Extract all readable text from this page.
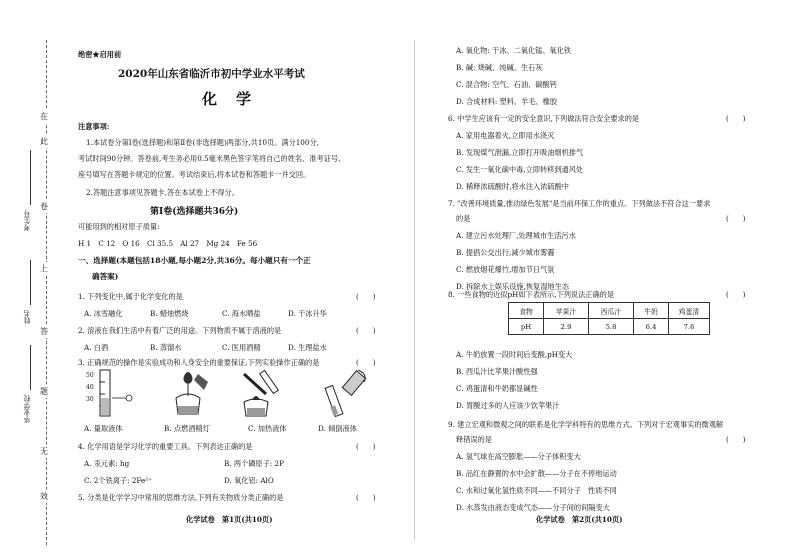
在
此
卷
上
答
题
无
效
考生号
姓名
毕业学校
绝密★启用前
2020年山东省临沂市初中学业水平考试
化　学
注意事项:
1.本试卷分第Ⅰ卷(选择题)和第Ⅱ卷(非选择题)两部分,共10页。满分100分,
考试时间90分钟。答卷前,考生务必用0.5毫米黑色签字笔将自己的姓名、准考证号、
座号填写在答题卡规定的位置。考试结束后,将本试卷和答题卡一并交回。
2.答题注意事项见答题卡,答在本试卷上不得分。
第Ⅰ卷(选择题共36分)
可能用到的相对原子质量:
H 1　C 12　O 16　Cl 35.5　Al 27　Mg 24　Fe 56
一、选择题(本题包括18小题,每小题2分,共36分。每小题只有一个正
确答案)
1. 下列变化中,属于化学变化的是	(　　)
A. 冰雪融化	B. 蜡烛燃烧	C. 海水晒盐	D. 干冰升华
2. 溶液在我们生活中有着广泛的用途。下列物质不属于溶液的是	(　　)
A. 白酒	B. 蒸馏水	C. 医用酒精	D. 生理盐水
3. 正确规范的操作是实验成功和人身安全的重要保证,下列实验操作正确的是	(　　)
50
40
30
A. 量取液体	B. 点燃酒精灯	C. 加热液体	D. 倾倒液体
4. 化学用语是学习化学的重要工具。下列表达正确的是	(　　)
A. 汞元素: hg	B. 两个磷原子: 2P
C. 2个铁离子: 2Fe²⁺	D. 氧化铝: AlO
5. 分类是化学学习中常用的思维方法,下列有关物质分类正确的是	(　　)
化学试卷　第1页(共10页)
A. 氧化物: 干冰、二氧化锰、氧化铁
B. 碱: 烧碱、纯碱、生石灰
C. 混合物: 空气、石油、碳酸钙
D. 合成材料: 塑料、羊毛、橡胶
6. 中学生应该有一定的安全意识,下列做法符合安全要求的是	(　　)
A. 家用电器着火,立即用水浇灭
B. 发现煤气泄漏,立即打开吸油烟机排气
C. 发生一氧化碳中毒,立即转移到通风处
D. 稀释浓硫酸时,将水注入浓硫酸中
7. "改善环境质量,推动绿色发展"是当前环保工作的重点。下列做法不符合这一要求
的是	(　　)
A. 建立污水处理厂,处理城市生活污水
B. 提倡公交出行,减少城市雾霾
C. 燃放烟花爆竹,增加节日气氛
D. 拆除水上娱乐设施,恢复湿地生态
8. 一些食物的近似pH如下表所示,下列说法正确的是	(　　)
食物	苹果汁	西瓜汁	牛奶	鸡蛋清
pH	2.9	5.8	6.4	7.6
A. 牛奶放置一段时间后变酸,pH变大
B. 西瓜汁比苹果汁酸性强
C. 鸡蛋清和牛奶都显碱性
D. 胃酸过多的人应该少饮苹果汁
9. 建立宏观和微观之间的联系是化学学科特有的思维方式。下列对于宏观事实的微观解
释错误的是	(　　)
A. 氢气球在高空膨胀——分子体积变大
B. 品红在静置的水中会扩散——分子在不停地运动
C. 水和过氧化氢性质不同——不同分子　性质不同
D. 水蒸发由液态变成气态——分子间的间隔变大
化学试卷　第2页(共10页)
